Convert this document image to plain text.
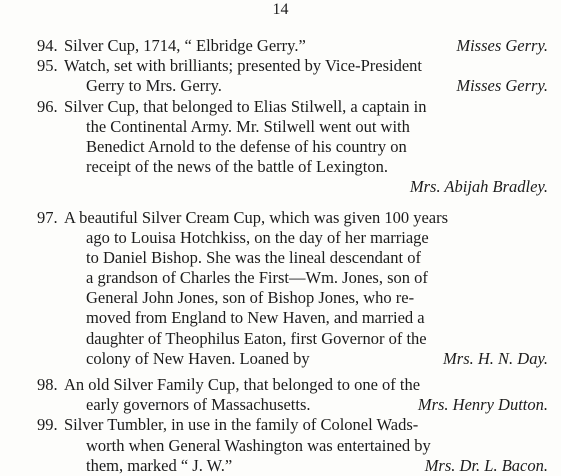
14
94. Silver Cup, 1714, “ Elbridge Gerry.”	Misses Gerry.
95. Watch, set with brilliants; presented by Vice-President
Gerry to Mrs. Gerry.	Misses Gerry.
96. Silver Cup, that belonged to Elias Stilwell, a captain in
the Continental Army. Mr. Stilwell went out with
Benedict Arnold to the defense of his country on
receipt of the news of the battle of Lexington.
Mrs. Abijah Bradley.
97. A beautiful Silver Cream Cup, which was given 100 years
ago to Louisa Hotchkiss, on the day of her marriage
to Daniel Bishop. She was the lineal descendant of
a grandson of Charles the First—Wm. Jones, son of
General John Jones, son of Bishop Jones, who re-
moved from England to New Haven, and married a
daughter of Theophilus Eaton, first Governor of the
colony of New Haven. Loaned by	Mrs. H. N. Day.
98. An old Silver Family Cup, that belonged to one of the
early governors of Massachusetts.	Mrs. Henry Dutton.
99. Silver Tumbler, in use in the family of Colonel Wads-
worth when General Washington was entertained by
them, marked “ J. W.”	Mrs. Dr. L. Bacon.
